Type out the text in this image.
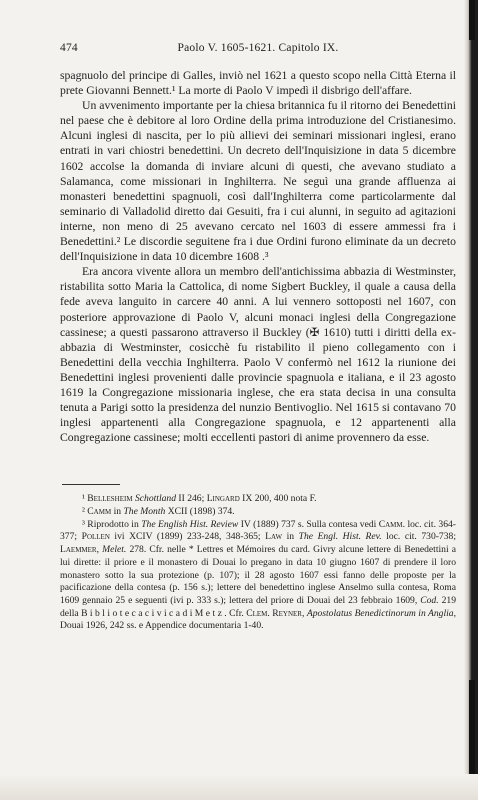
474	Paolo V. 1605-1621. Capitolo IX.

spagnuolo del principe di Galles, inviò nel 1621 a questo scopo nella Città Eterna il prete Giovanni Bennett.¹ La morte di Paolo V impedì il disbrigo dell'affare.

Un avvenimento importante per la chiesa britannica fu il ritorno dei Benedettini nel paese che è debitore al loro Ordine della prima introduzione del Cristianesimo. Alcuni inglesi di nascita, per lo più allievi dei seminari missionari inglesi, erano entrati in vari chiostri benedettini. Un decreto dell'Inquisizione in data 5 dicembre 1602 accolse la domanda di inviare alcuni di questi, che avevano studiato a Salamanca, come missionari in Inghilterra. Ne seguì una grande affluenza ai monasteri benedettini spagnuoli, così dall'Inghilterra come particolarmente dal seminario di Valladolid diretto dai Gesuiti, fra i cui alunni, in seguito ad agitazioni interne, non meno di 25 avevano cercato nel 1603 di essere ammessi fra i Benedettini.² Le discordie seguitene fra i due Ordini furono eliminate da un decreto dell'Inquisizione in data 10 dicembre 1608 .³

Era ancora vivente allora un membro dell'antichissima abbazia di Westminster, ristabilita sotto Maria la Cattolica, di nome Sigbert Buckley, il quale a causa della fede aveva languito in carcere 40 anni. A lui vennero sottoposti nel 1607, con posteriore approvazione di Paolo V, alcuni monaci inglesi della Congregazione cassinese; a questi passarono attraverso il Buckley (✠ 1610) tutti i diritti della ex-abbazia di Westminster, cosicchè fu ristabilito il pieno collegamento con i Benedettini della vecchia Inghilterra. Paolo V confermò nel 1612 la riunione dei Benedettini inglesi provenienti dalle provincie spagnuola e italiana, e il 23 agosto 1619 la Congregazione missionaria inglese, che era stata decisa in una consulta tenuta a Parigi sotto la presidenza del nunzio Bentivoglio. Nel 1615 si contavano 70 inglesi appartenenti alla Congregazione spagnuola, e 12 appartenenti alla Congregazione cassinese; molti eccellenti pastori di anime provennero da esse.

¹ Bellesheim Schottland II 246; Lingard IX 200, 400 nota F.

² Camm in The Month XCII (1898) 374.

³ Riprodotto in The English Hist. Review IV (1889) 737 s. Sulla contesa vedi Camm. loc. cit. 364-377; Pollen ivi XCIV (1899) 233-248, 348-365; Law in The Engl. Hist. Rev. loc. cit. 730-738; Laemmer, Melet. 278. Cfr. nelle * Lettres et Mémoires du card. Givry alcune lettere di Benedettini a lui dirette: il priore e il monastero di Douai lo pregano in data 10 giugno 1607 di prendere il loro monastero sotto la sua protezione (p. 107); il 28 agosto 1607 essi fanno delle proposte per la pacificazione della contesa (p. 156 s.); lettere del benedettino inglese Anselmo sulla contesa, Roma 1609 gennaio 25 e seguenti (ivi p. 333 s.); lettera del priore di Douai del 23 febbraio 1609, Cod. 219 della B i b l i o t e c a c i v i c a d i M e t z . Cfr. Clem. Reyner, Apostolatus Benedictinorum in Anglia, Douai 1926, 242 ss. e Appendice documentaria 1-40.
